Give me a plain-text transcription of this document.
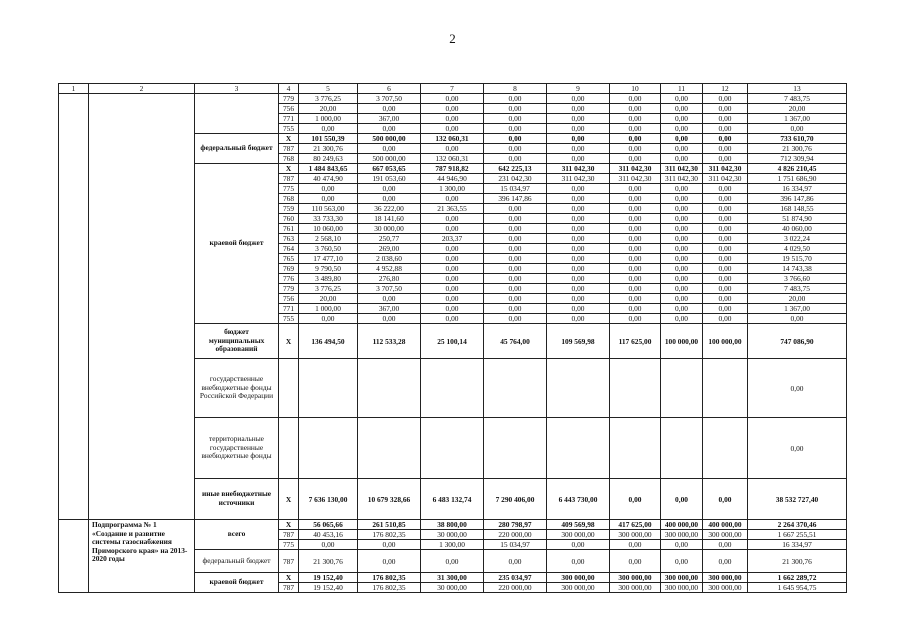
2
1	2	3	4	5	6	7	8	9	10	11	12	13
			779	3 776,25	3 707,50	0,00	0,00	0,00	0,00	0,00	0,00	7 483,75
			756	20,00	0,00	0,00	0,00	0,00	0,00	0,00	0,00	20,00
			771	1 000,00	367,00	0,00	0,00	0,00	0,00	0,00	0,00	1 367,00
			755	0,00	0,00	0,00	0,00	0,00	0,00	0,00	0,00	0,00
		федеральный бюджет	X	101 550,39	500 000,00	132 060,31	0,00	0,00	0,00	0,00	0,00	733 610,70
			787	21 300,76	0,00	0,00	0,00	0,00	0,00	0,00	0,00	21 300,76
			768	80 249,63	500 000,00	132 060,31	0,00	0,00	0,00	0,00	0,00	712 309,94
		краевой бюджет	X	1 484 843,65	667 053,65	787 918,82	642 225,13	311 042,30	311 042,30	311 042,30	311 042,30	4 826 210,45
			787	40 474,90	191 053,60	44 946,90	231 042,30	311 042,30	311 042,30	311 042,30	311 042,30	1 751 686,90
			775	0,00	0,00	1 300,00	15 034,97	0,00	0,00	0,00	0,00	16 334,97
			768	0,00	0,00	0,00	396 147,86	0,00	0,00	0,00	0,00	396 147,86
			759	110 563,00	36 222,00	21 363,55	0,00	0,00	0,00	0,00	0,00	168 148,55
			760	33 733,30	18 141,60	0,00	0,00	0,00	0,00	0,00	0,00	51 874,90
			761	10 060,00	30 000,00	0,00	0,00	0,00	0,00	0,00	0,00	40 060,00
			763	2 568,10	250,77	203,37	0,00	0,00	0,00	0,00	0,00	3 022,24
			764	3 760,50	269,00	0,00	0,00	0,00	0,00	0,00	0,00	4 029,50
			765	17 477,10	2 038,60	0,00	0,00	0,00	0,00	0,00	0,00	19 515,70
			769	9 790,50	4 952,88	0,00	0,00	0,00	0,00	0,00	0,00	14 743,38
			776	3 489,80	276,80	0,00	0,00	0,00	0,00	0,00	0,00	3 766,60
			779	3 776,25	3 707,50	0,00	0,00	0,00	0,00	0,00	0,00	7 483,75
			756	20,00	0,00	0,00	0,00	0,00	0,00	0,00	0,00	20,00
			771	1 000,00	367,00	0,00	0,00	0,00	0,00	0,00	0,00	1 367,00
			755	0,00	0,00	0,00	0,00	0,00	0,00	0,00	0,00	0,00
		бюджет муниципальных образований	X	136 494,50	112 533,28	25 100,14	45 764,00	109 569,98	117 625,00	100 000,00	100 000,00	747 086,90
		государственные внебюджетные фонды Российской Федерации										0,00
		территориальные государственные внебюджетные фонды										0,00
		иные внебюджетные источники	X	7 636 130,00	10 679 328,66	6 483 132,74	7 290 406,00	6 443 730,00	0,00	0,00	0,00	38 532 727,40
	Подпрограмма № 1 «Создание и развитие системы газоснабжения Приморского края» на 2013-2020 годы	всего	X	56 065,66	261 510,85	38 800,00	280 798,97	409 569,98	417 625,00	400 000,00	400 000,00	2 264 370,46
			787	40 453,16	176 802,35	30 000,00	220 000,00	300 000,00	300 000,00	300 000,00	300 000,00	1 667 255,51
			775	0,00	0,00	1 300,00	15 034,97	0,00	0,00	0,00	0,00	16 334,97
		федеральный бюджет	787	21 300,76	0,00	0,00	0,00	0,00	0,00	0,00	0,00	21 300,76
		краевой бюджет	X	19 152,40	176 802,35	31 300,00	235 034,97	300 000,00	300 000,00	300 000,00	300 000,00	1 662 289,72
			787	19 152,40	176 802,35	30 000,00	220 000,00	300 000,00	300 000,00	300 000,00	300 000,00	1 645 954,75
